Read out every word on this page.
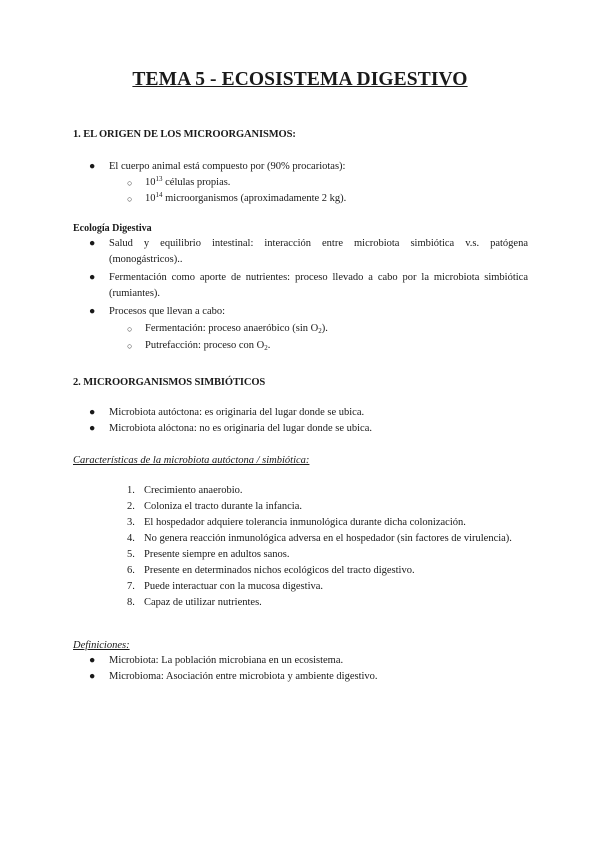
TEMA 5 - ECOSISTEMA DIGESTIVO
1. EL ORIGEN DE LOS MICROORGANISMOS:
● El cuerpo animal está compuesto por (90% procariotas):
○ $10^{13}$ células propias.
○ $10^{14}$ microorganismos (aproximadamente 2 kg).
Ecología Digestiva
● Salud y equilibrio intestinal: interacción entre microbiota simbiótica v.s. patógena (monogástricos)..
● Fermentación como aporte de nutrientes: proceso llevado a cabo por la microbiota simbiótica (rumiantes).
● Procesos que llevan a cabo:
○ Fermentación: proceso anaeróbico (sin $O_2$).
○ Putrefacción: proceso con $O_2$.
2. MICROORGANISMOS SIMBIÓTICOS
● Microbiota autóctona: es originaria del lugar donde se ubica.
● Microbiota alóctona: no es originaria del lugar donde se ubica.
Características de la microbiota autóctona / simbiótica:
1. Crecimiento anaerobio.
2. Coloniza el tracto durante la infancia.
3. El hospedador adquiere tolerancia inmunológica durante dicha colonización.
4. No genera reacción inmunológica adversa en el hospedador (sin factores de virulencia).
5. Presente siempre en adultos sanos.
6. Presente en determinados nichos ecológicos del tracto digestivo.
7. Puede interactuar con la mucosa digestiva.
8. Capaz de utilizar nutrientes.
Definiciones:
● Microbiota: La población microbiana en un ecosistema.
● Microbioma: Asociación entre microbiota y ambiente digestivo.
